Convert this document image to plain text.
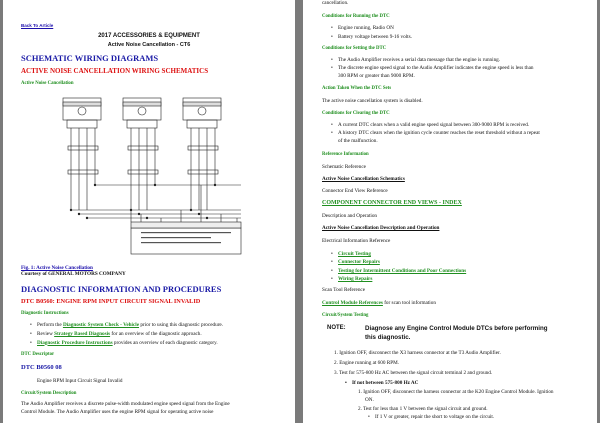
Back To Article
2017 ACCESSORIES & EQUIPMENT
Active Noise Cancellation - CT6
SCHEMATIC WIRING DIAGRAMS
ACTIVE NOISE CANCELLATION WIRING SCHEMATICS
Active Noise Cancellation
Fig. 1: Active Noise Cancellation
Courtesy of GENERAL MOTORS COMPANY
DIAGNOSTIC INFORMATION AND PROCEDURES
DTC B0560: ENGINE RPM INPUT CIRCUIT SIGNAL INVALID
Diagnostic Instructions
• Perform the Diagnostic System Check - Vehicle prior to using this diagnostic procedure.
• Review Strategy Based Diagnosis for an overview of the diagnostic approach.
• Diagnostic Procedure Instructions provides an overview of each diagnostic category.
DTC Descriptor
DTC B0560 08
Engine RPM Input Circuit Signal Invalid
Circuit/System Description
The Audio Amplifier receives a discrete pulse-width modulated engine speed signal from the Engine
Control Module. The Audio Amplifier uses the engine RPM signal for operating active noise
cancellation.
Conditions for Running the DTC
• Engine running, Radio ON
• Battery voltage between 9-16 volts.
Conditions for Setting the DTC
• The Audio Amplifier receives a serial data message that the engine is running.
• The discrete engine speed signal to the Audio Amplifier indicates the engine speed is less than
300 RPM or greater than 9000 RPM.
Action Taken When the DTC Sets
The active noise cancellation system is disabled.
Conditions for Clearing the DTC
• A current DTC clears when a valid engine speed signal between 300-9000 RPM is received.
• A history DTC clears when the ignition cycle counter reaches the reset threshold without a repeat
of the malfunction.
Reference Information
Schematic Reference
Active Noise Cancellation Schematics
Connector End View Reference
COMPONENT CONNECTOR END VIEWS - INDEX
Description and Operation
Active Noise Cancellation Description and Operation
Electrical Information Reference
• Circuit Testing
• Connector Repairs
• Testing for Intermittent Conditions and Poor Connections
• Wiring Repairs
Scan Tool Reference
Control Module References for scan tool information
Circuit/System Testing
NOTE:	Diagnose any Engine Control Module DTCs before performing
this diagnostic.
1. Ignition OFF, disconnect the X3 harness connector at the T3 Audio Amplifier.
2. Engine running at 600 RPM.
3. Test for 575-800 Hz AC between the signal circuit terminal 2 and ground.
• If not between 575-800 Hz AC
1. Ignition OFF, disconnect the harness connector at the K20 Engine Control Module. Ignition
ON.
2. Test for less than 1 V between the signal circuit and ground.
• If 1 V or greater, repair the short to voltage on the circuit.
